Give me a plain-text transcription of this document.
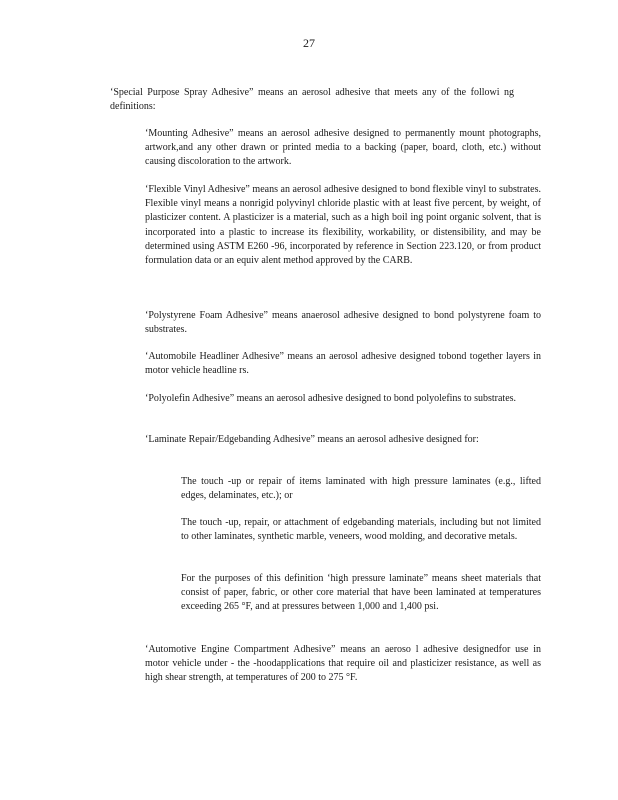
27

‘Special Purpose Spray Adhesive” means an aerosol adhesive that meets any of the followi ng definitions:

‘Mounting Adhesive” means an aerosol adhesive designed to permanently mount photographs, artwork,and any other drawn or printed media to a backing (paper, board, cloth, etc.) without causing discoloration to the artwork.

‘Flexible Vinyl Adhesive” means an aerosol adhesive designed to bond flexible vinyl to substrates. Flexible vinyl means a nonrigid polyvinyl chloride plastic with at least five percent, by weight, of plasticizer content. A plasticizer is a material, such as a high boil ing point organic solvent, that is incorporated into a plastic to increase its flexibility, workability, or distensibility, and may be determined using ASTM E260 -96, incorporated by reference in Section 223.120, or from product formulation data or an equiv alent method approved by the CARB.

‘Polystyrene Foam Adhesive” means anaerosol adhesive designed to bond polystyrene foam to substrates.

‘Automobile Headliner Adhesive” means an aerosol adhesive designed tobond together layers in motor vehicle headline rs.

‘Polyolefin Adhesive” means an aerosol adhesive designed to bond polyolefins to substrates.

‘Laminate Repair/Edgebanding Adhesive” means an aerosol adhesive designed for:

The touch -up or repair of items laminated with high pressure laminates (e.g., lifted edges, delaminates, etc.); or

The touch -up, repair, or attachment of edgebanding materials, including but not limited to other laminates, synthetic marble, veneers, wood molding, and decorative metals.

For the purposes of this definition ‘high pressure laminate” means sheet materials that consist of paper, fabric, or other core material that have been laminated at temperatures exceeding 265 °F, and at pressures between 1,000 and 1,400 psi.

‘Automotive Engine Compartment Adhesive” means an aeroso l adhesive designedfor use in motor vehicle under - the -hoodapplications that require oil and plasticizer resistance, as well as high shear strength, at temperatures of 200 to 275 °F.
